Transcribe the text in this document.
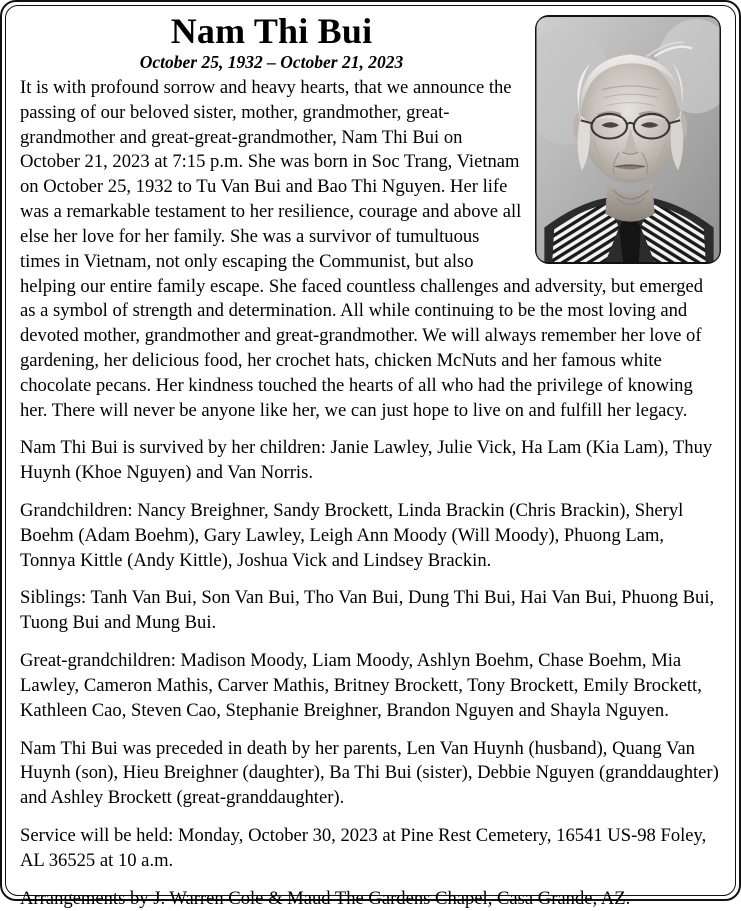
Nam Thi Bui
October 25, 1932 – October 21, 2023

It is with profound sorrow and heavy hearts, that we announce the passing of our beloved sister, mother, grandmother, great-grandmother and great-great-grandmother, Nam Thi Bui on October 21, 2023 at 7:15 p.m. She was born in Soc Trang, Vietnam on October 25, 1932 to Tu Van Bui and Bao Thi Nguyen. Her life was a remarkable testament to her resilience, courage and above all else her love for her family. She was a survivor of tumultuous times in Vietnam, not only escaping the Communist, but also helping our entire family escape. She faced countless challenges and adversity, but emerged as a symbol of strength and determination. All while continuing to be the most loving and devoted mother, grandmother and great-grandmother. We will always remember her love of gardening, her delicious food, her crochet hats, chicken McNuts and her famous white chocolate pecans. Her kindness touched the hearts of all who had the privilege of knowing her. There will never be anyone like her, we can just hope to live on and fulfill her legacy.

Nam Thi Bui is survived by her children: Janie Lawley, Julie Vick, Ha Lam (Kia Lam), Thuy Huynh (Khoe Nguyen) and Van Norris.

Grandchildren: Nancy Breighner, Sandy Brockett, Linda Brackin (Chris Brackin), Sheryl Boehm (Adam Boehm), Gary Lawley, Leigh Ann Moody (Will Moody), Phuong Lam, Tonnya Kittle (Andy Kittle), Joshua Vick and Lindsey Brackin.

Siblings: Tanh Van Bui, Son Van Bui, Tho Van Bui, Dung Thi Bui, Hai Van Bui, Phuong Bui, Tuong Bui and Mung Bui.

Great-grandchildren: Madison Moody, Liam Moody, Ashlyn Boehm, Chase Boehm, Mia Lawley, Cameron Mathis, Carver Mathis, Britney Brockett, Tony Brockett, Emily Brockett, Kathleen Cao, Steven Cao, Stephanie Breighner, Brandon Nguyen and Shayla Nguyen.

Nam Thi Bui was preceded in death by her parents, Len Van Huynh (husband), Quang Van Huynh (son), Hieu Breighner (daughter), Ba Thi Bui (sister), Debbie Nguyen (granddaughter) and Ashley Brockett (great-granddaughter).

Service will be held: Monday, October 30, 2023 at Pine Rest Cemetery, 16541 US-98 Foley, AL 36525 at 10 a.m.

Arrangements by J. Warren Cole & Maud The Gardens Chapel, Casa Grande, AZ.
